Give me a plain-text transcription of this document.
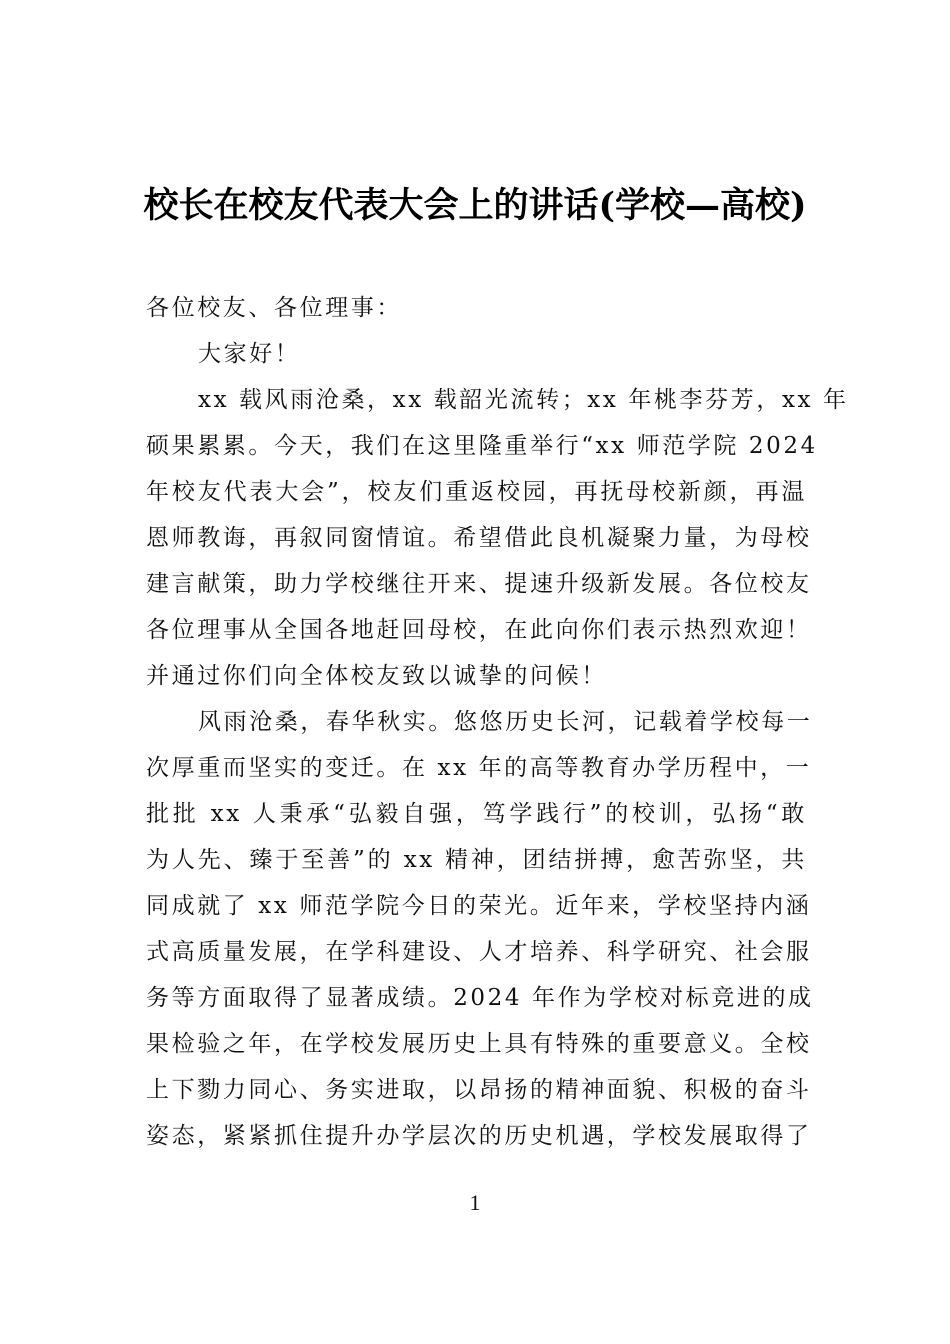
校长在校友代表大会上的讲话(学校—高校)
各位校友、各位理事：
大家好！
xx 载风雨沧桑，xx 载韶光流转；xx 年桃李芬芳，xx 年
硕果累累。今天，我们在这里隆重举行“xx 师范学院 2024
年校友代表大会”，校友们重返校园，再抚母校新颜，再温
恩师教诲，再叙同窗情谊。希望借此良机凝聚力量，为母校
建言献策，助力学校继往开来、提速升级新发展。各位校友
各位理事从全国各地赶回母校，在此向你们表示热烈欢迎！
并通过你们向全体校友致以诚挚的问候！
风雨沧桑，春华秋实。悠悠历史长河，记载着学校每一
次厚重而坚实的变迁。在 xx 年的高等教育办学历程中，一
批批 xx 人秉承“弘毅自强，笃学践行”的校训，弘扬“敢
为人先、臻于至善”的 xx 精神，团结拼搏，愈苦弥坚，共
同成就了 xx 师范学院今日的荣光。近年来，学校坚持内涵
式高质量发展，在学科建设、人才培养、科学研究、社会服
务等方面取得了显著成绩。2024 年作为学校对标竞进的成
果检验之年，在学校发展历史上具有特殊的重要意义。全校
上下勠力同心、务实进取，以昂扬的精神面貌、积极的奋斗
姿态，紧紧抓住提升办学层次的历史机遇，学校发展取得了
1
